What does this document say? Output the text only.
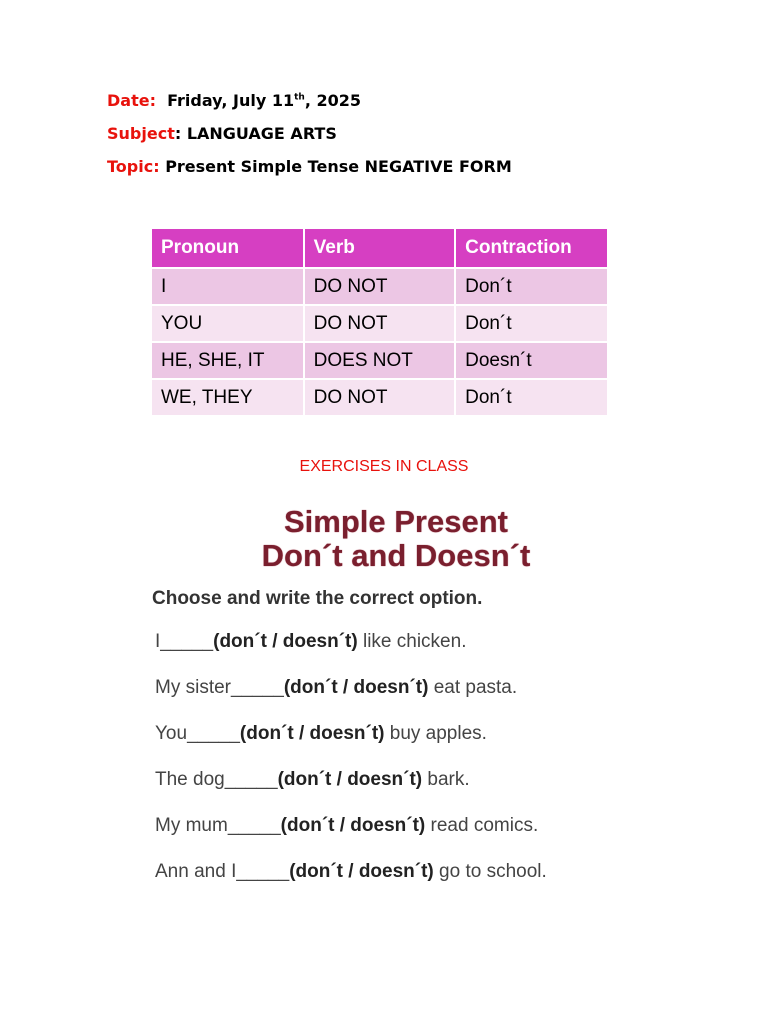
Date: Friday, July 11th, 2025
Subject: LANGUAGE ARTS
Topic: Present Simple Tense NEGATIVE FORM
Pronoun	Verb	Contraction
I	DO NOT	Don´t
YOU	DO NOT	Don´t
HE, SHE, IT	DOES NOT	Doesn´t
WE, THEY	DO NOT	Don´t
EXERCISES IN CLASS
Simple Present
Don´t and Doesn´t
Choose and write the correct option.
I_____(don´t / doesn´t) like chicken.
My sister_____(don´t / doesn´t) eat pasta.
You_____(don´t / doesn´t) buy apples.
The dog_____(don´t / doesn´t) bark.
My mum_____(don´t / doesn´t) read comics.
Ann and I_____(don´t / doesn´t) go to school.
